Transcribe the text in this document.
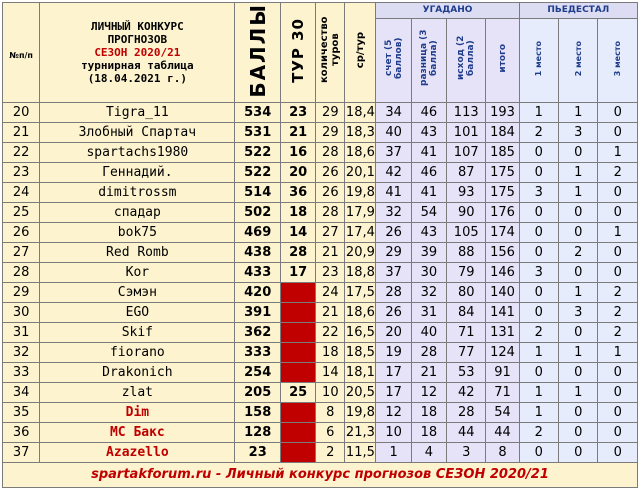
№п/п	ЛИЧНЫЙ КОНКУРС
ПРОГНОЗОВ
СЕЗОН 2020/21
турнирная таблица
(18.04.2021 г.)	БАЛЛЫ	ТУР 30	количество туров	ср/тур	УГАДАНО				ПЬЕДЕСТАЛ		
						счет (5 баллов)	разница (3 балла)	исход (2 балла)	итого	1 место	2 место	3 место
20	Tigra_11	534	23	29	18,4	34	46	113	193	1	1	0
21	Злобный Спартач	531	21	29	18,3	40	43	101	184	2	3	0
22	spartachs1980	522	16	28	18,6	37	41	107	185	0	0	1
23	Геннадий.	522	20	26	20,1	42	46	87	175	0	1	2
24	dimitrossm	514	36	26	19,8	41	41	93	175	3	1	0
25	спадар	502	18	28	17,9	32	54	90	176	0	0	0
26	bok75	469	14	27	17,4	26	43	105	174	0	0	1
27	Red Romb	438	28	21	20,9	29	39	88	156	0	2	0
28	Kor	433	17	23	18,8	37	30	79	146	3	0	0
29	Сэмэн	420		24	17,5	28	32	80	140	0	1	2
30	EGO	391		21	18,6	26	31	84	141	0	3	2
31	Skif	362		22	16,5	20	40	71	131	2	0	2
32	fiorano	333		18	18,5	19	28	77	124	1	1	1
33	Drakonich	254		14	18,1	17	21	53	91	0	0	0
34	zlat	205	25	10	20,5	17	12	42	71	1	1	0
35	Dim	158		8	19,8	12	18	28	54	1	0	0
36	МС Бакс	128		6	21,3	10	18	44	44	2	0	0
37	Azazello	23		2	11,5	1	4	3	8	0	0	0
spartakforum.ru - Личный конкурс прогнозов СЕЗОН 2020/21												
